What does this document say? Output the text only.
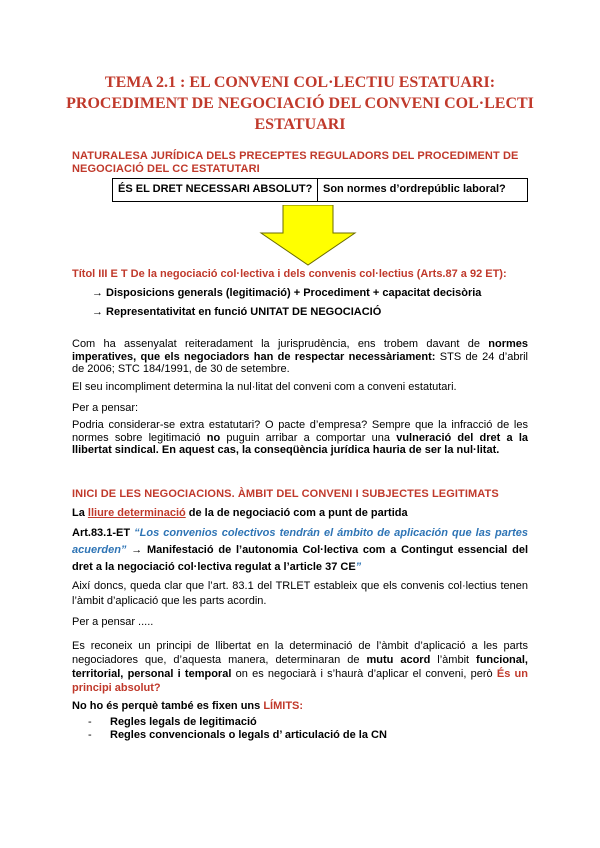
TEMA 2.1 : EL CONVENI COL·LECTIU ESTATUARI:
PROCEDIMENT DE NEGOCIACIÓ DEL CONVENI COL·LECTI
ESTATUARI
NATURALESA JURÍDICA DELS PRECEPTES REGULADORS DEL PROCEDIMENT DE
NEGOCIACIÓ DEL CC ESTATUTARI
ÉS EL DRET NECESSARI ABSOLUT? Son normes d’ordrepúblic laboral?
Títol III E T De la negociació col·lectiva i dels convenis col·lectius (Arts.87 a 92 ET):
→ Disposicions generals (legitimació) + Procediment + capacitat decisòria
→ Representativitat en funció UNITAT DE NEGOCIACIÓ
Com ha assenyalat reiteradament la jurisprudència, ens trobem davant de normes imperatives, que els negociadors han de respectar necessàriament: STS de 24 d’abril de 2006; STC 184/1991, de 30 de setembre.
El seu incompliment determina la nul·litat del conveni com a conveni estatutari.
Per a pensar:
Podria considerar-se extra estatutari? O pacte d’empresa? Sempre que la infracció de les normes sobre legitimació no puguin arribar a comportar una vulneració del dret a la llibertat sindical. En aquest cas, la conseqüència jurídica hauria de ser la nul·litat.
INICI DE LES NEGOCIACIONS. ÀMBIT DEL CONVENI I SUBJECTES LEGITIMATS
La lliure determinació de la de negociació com a punt de partida
Art.83.1-ET “Los convenios colectivos tendrán el ámbito de aplicación que las partes acuerden” → Manifestació de l’autonomia Col·lectiva com a Contingut essencial del dret a la negociació col·lectiva regulat a l’article 37 CE”
Així doncs, queda clar que l’art. 83.1 del TRLET estableix que els convenis col·lectius tenen l’àmbit d’aplicació que les parts acordin.
Per a pensar .....
Es reconeix un principi de llibertat en la determinació de l’àmbit d’aplicació a les parts negociadores que, d’aquesta manera, determinaran de mutu acord l’àmbit funcional, territorial, personal i temporal on es negociarà i s’haurà d’aplicar el conveni, però És un principi absolut?
No ho és perquè també es fixen uns LÍMITS:
- Regles legals de legitimació
- Regles convencionals o legals d’ articulació de la CN
